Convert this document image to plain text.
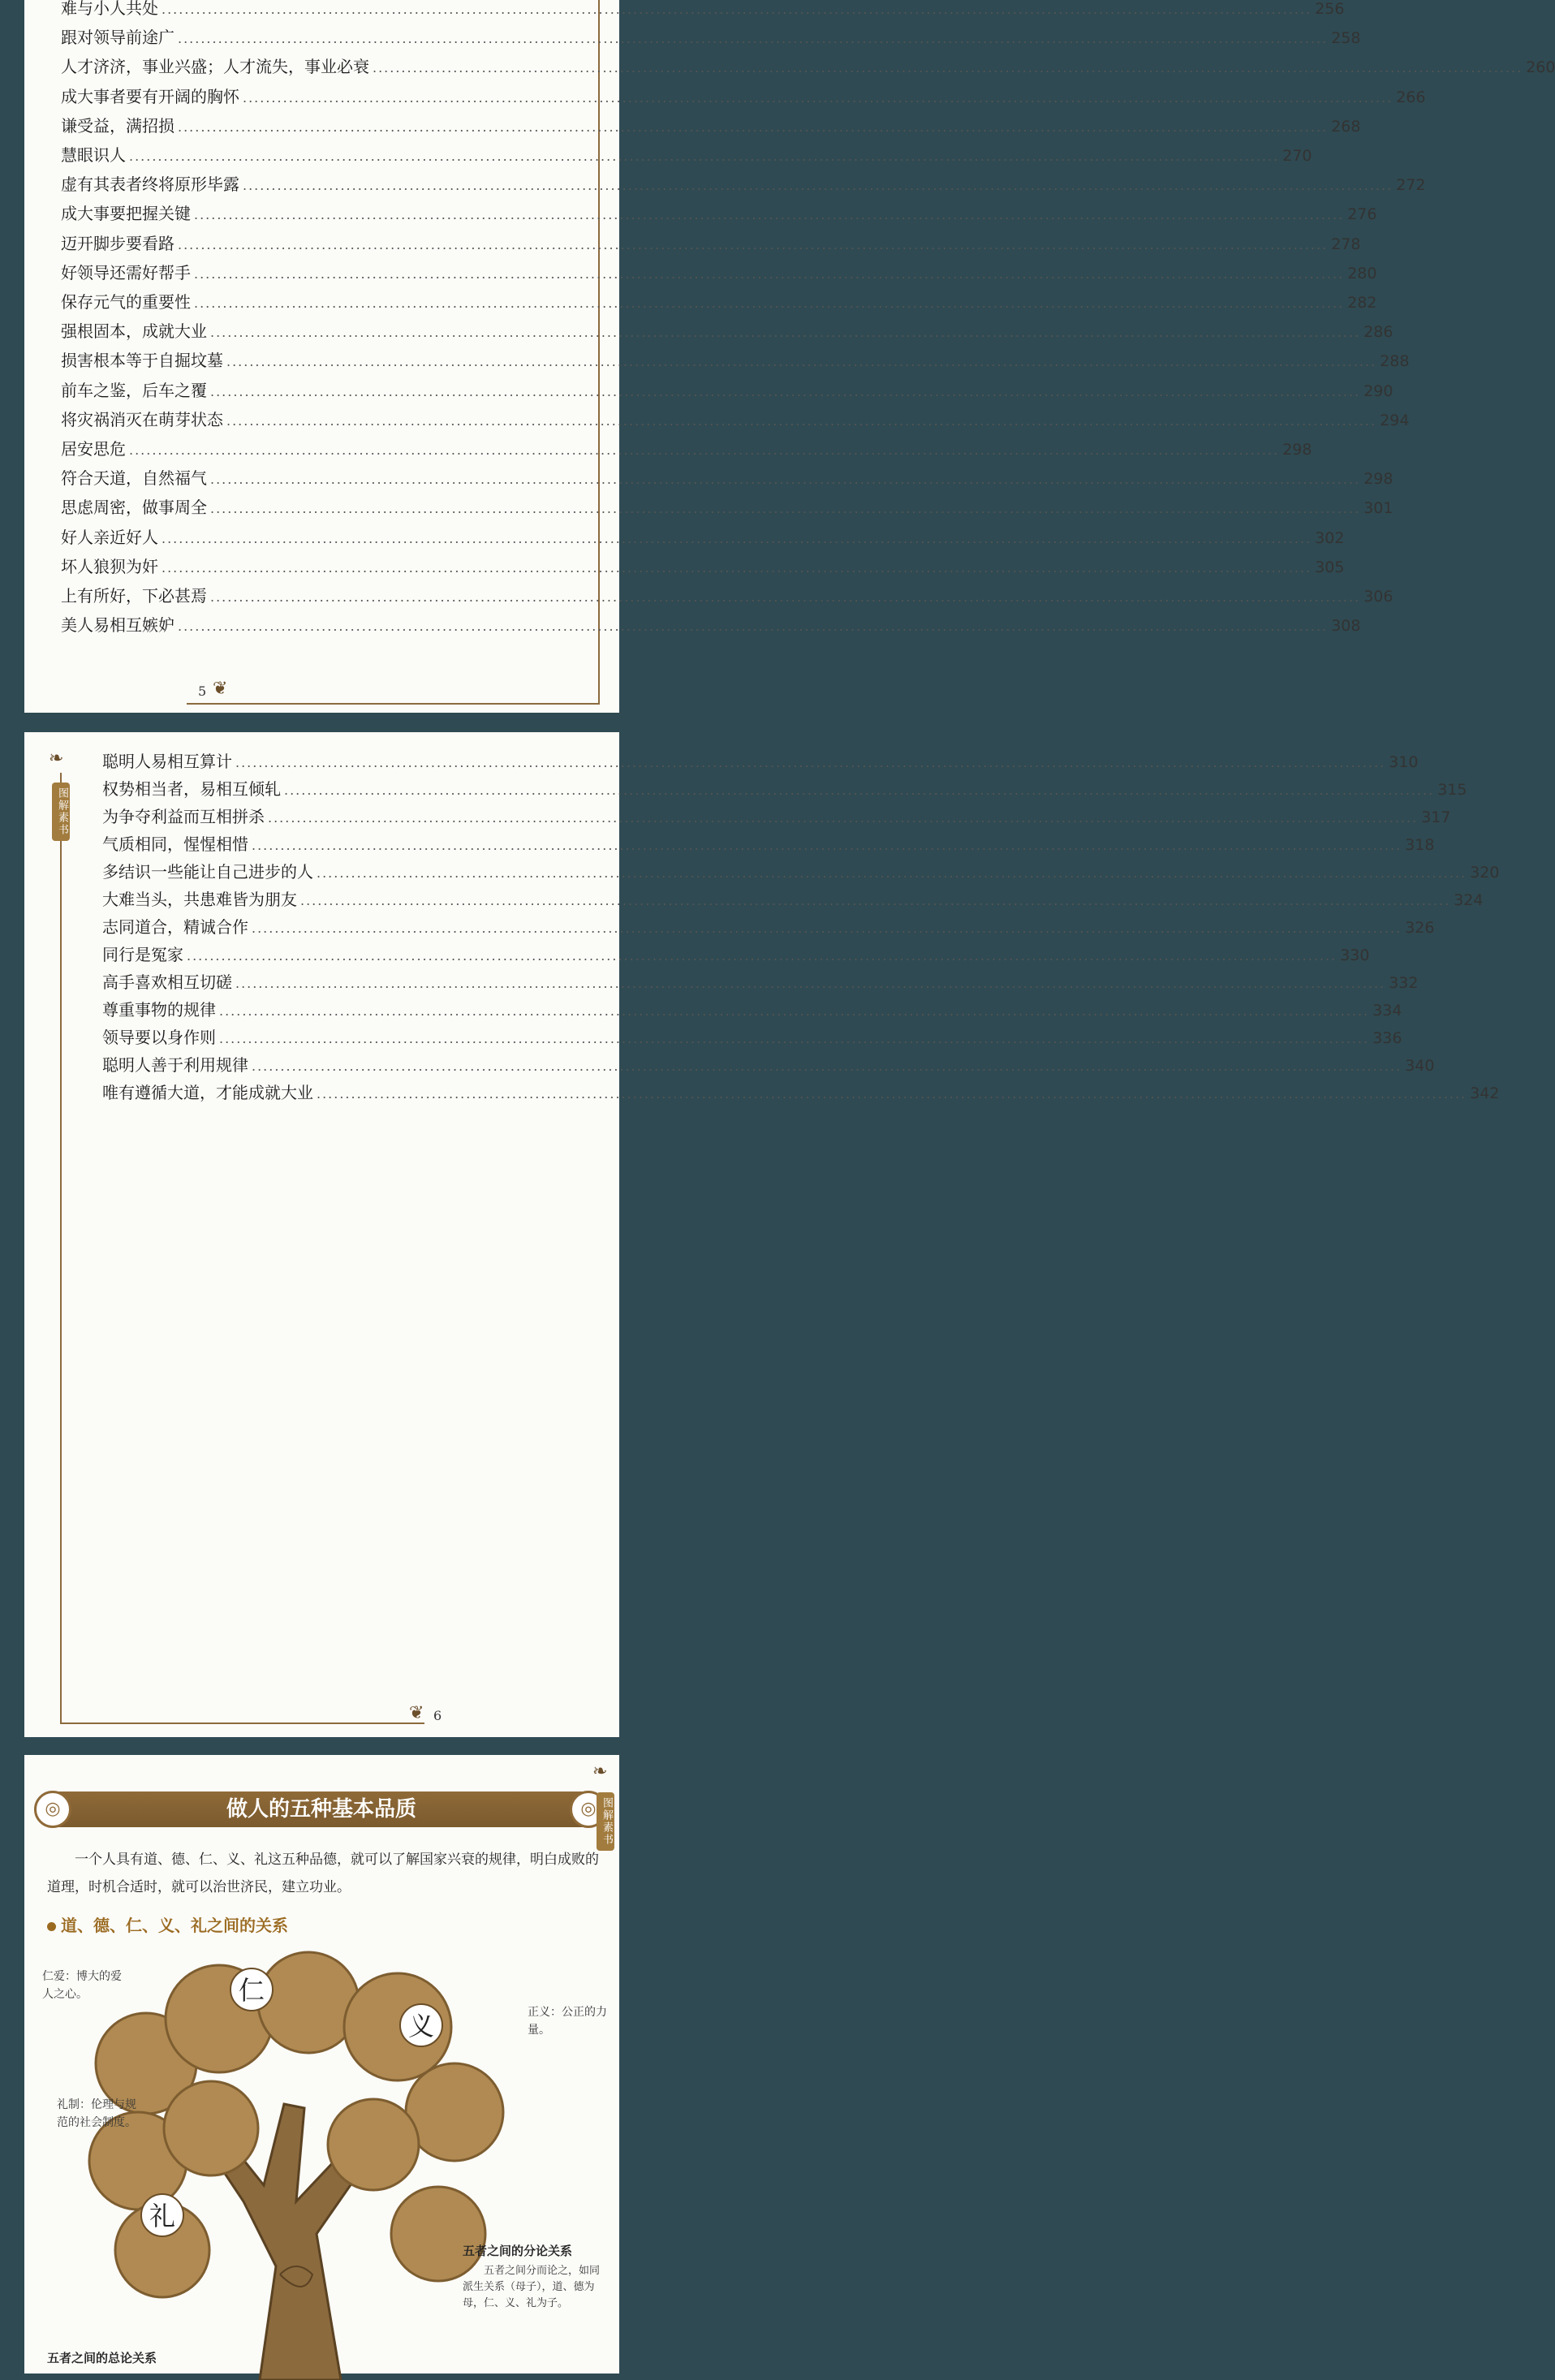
难与小人共处 ........................................................................................................................................................................................................ 256
跟对领导前途广 ........................................................................................................................................................................................................ 258
人才济济，事业兴盛；人才流失，事业必衰 ........................................................................................................................................................................................................ 260
成大事者要有开阔的胸怀 ........................................................................................................................................................................................................ 266
谦受益，满招损 ........................................................................................................................................................................................................ 268
慧眼识人 ........................................................................................................................................................................................................ 270
虚有其表者终将原形毕露 ........................................................................................................................................................................................................ 272
成大事要把握关键 ........................................................................................................................................................................................................ 276
迈开脚步要看路 ........................................................................................................................................................................................................ 278
好领导还需好帮手 ........................................................................................................................................................................................................ 280
保存元气的重要性 ........................................................................................................................................................................................................ 282
强根固本，成就大业 ........................................................................................................................................................................................................ 286
损害根本等于自掘坟墓 ........................................................................................................................................................................................................ 288
前车之鉴，后车之覆 ........................................................................................................................................................................................................ 290
将灾祸消灭在萌芽状态 ........................................................................................................................................................................................................ 294
居安思危 ........................................................................................................................................................................................................ 298
符合天道，自然福气 ........................................................................................................................................................................................................ 298
思虑周密，做事周全 ........................................................................................................................................................................................................ 301
好人亲近好人 ........................................................................................................................................................................................................ 302
坏人狼狈为奸 ........................................................................................................................................................................................................ 305
上有所好，下必甚焉 ........................................................................................................................................................................................................ 306
美人易相互嫉妒 ........................................................................................................................................................................................................ 308
5 ❦
❧
图解素书
聪明人易相互算计 ........................................................................................................................................................................................................ 310
权势相当者，易相互倾轧 ........................................................................................................................................................................................................ 315
为争夺利益而互相拼杀 ........................................................................................................................................................................................................ 317
气质相同，惺惺相惜 ........................................................................................................................................................................................................ 318
多结识一些能让自己进步的人 ........................................................................................................................................................................................................ 320
大难当头，共患难皆为朋友 ........................................................................................................................................................................................................ 324
志同道合，精诚合作 ........................................................................................................................................................................................................ 326
同行是冤家 ........................................................................................................................................................................................................ 330
高手喜欢相互切磋 ........................................................................................................................................................................................................ 332
尊重事物的规律 ........................................................................................................................................................................................................ 334
领导要以身作则 ........................................................................................................................................................................................................ 336
聪明人善于利用规律 ........................................................................................................................................................................................................ 340
唯有遵循大道，才能成就大业 ........................................................................................................................................................................................................ 342
❦ 6
❧
做人的五种基本品质
◎	◎ 图解素书
一个人具有道、德、仁、义、礼这五种品德，就可以了解国家兴衰的规律，明白成败的道理，时机合适时，就可以治世济民，建立功业。
道、德、仁、义、礼之间的关系
仁
义
礼
仁爱：博大的爱人之心。
正义：公正的力量。
礼制：伦理与规范的社会制度。
五者之间的分论关系
五者之间分而论之，如同派生关系（母子），道、德为母，仁、义、礼为子。
五者之间的总论关系
